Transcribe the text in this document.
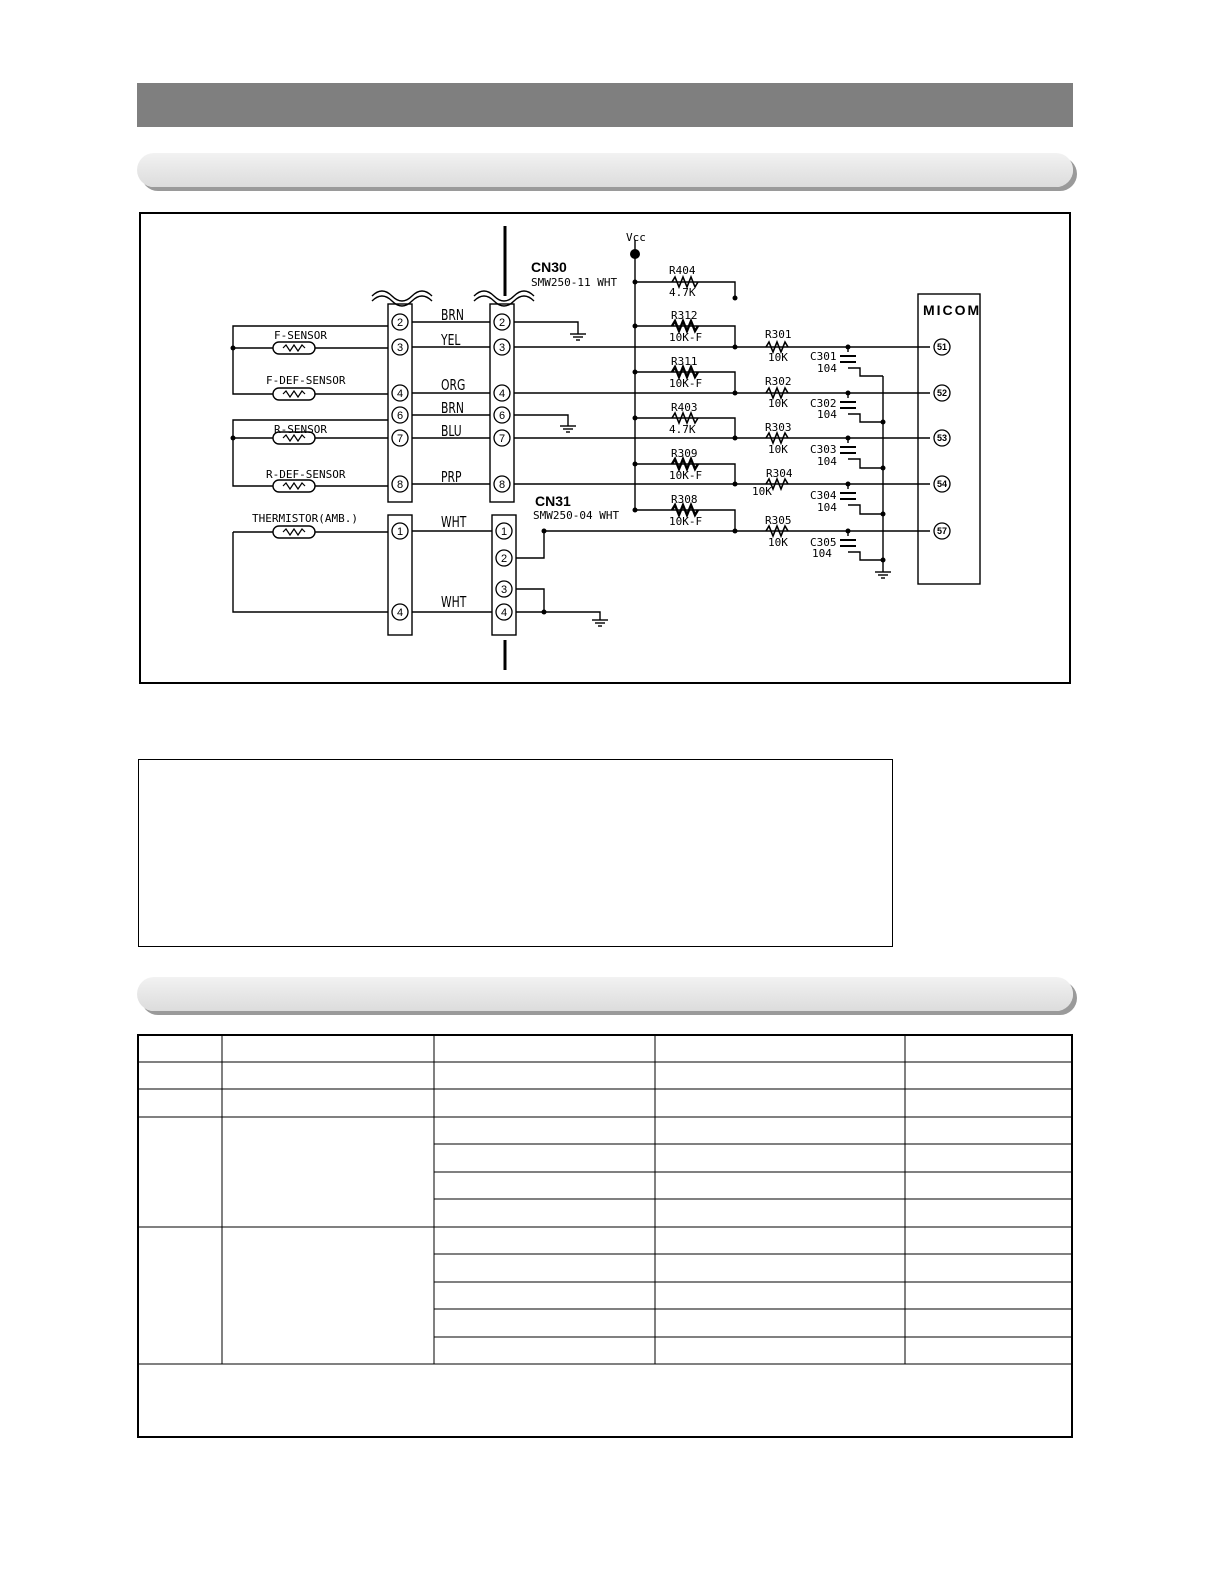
Vcc
CN30
SMW250-11 WHT
CN31
SMW250-04 WHT
MICOM
F-SENSOR
F-DEF-SENSOR
R-SENSOR
R-DEF-SENSOR
THERMISTOR(AMB.)
2
3
4
6
7
8
1
4
2
3
4
6
7
8
1
2
3
4
51
52
53
54
57
BRN
YEL
ORG
BRN
BLU
PRP
WHT
WHT
R404
4.7K
R312
10K-F
R311
10K-F
R403
4.7K
R309
10K-F
R308
10K-F
R301
10K
R302
10K
R303
10K
R304
10K
R305
10K
C301
104
C302
104
C303
104
C304
104
C305
104
